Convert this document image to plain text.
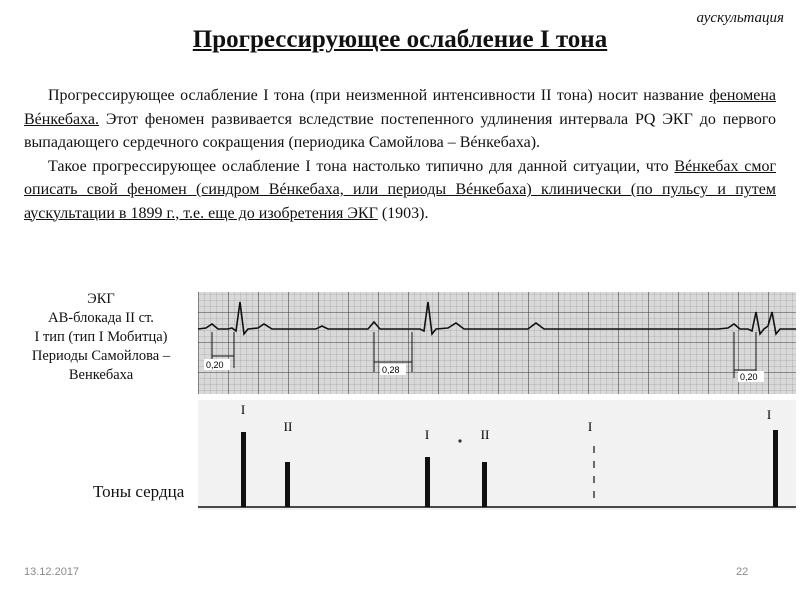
аускультация
Прогрессирующее ослабление I тона

Прогрессирующее ослабление I тона (при неизменной интенсивности II тона) носит название феномена Вéнкебаха. Этот феномен развивается вследствие постепенного удлинения интервала PQ ЭКГ до первого выпадающего сердечного сокращения (периодика Самойлова – Вéнкебаха).

Такое прогрессирующее ослабление I тона настолько типично для данной ситуации, что Вéнкебах смог описать свой феномен (синдром Вéнкебаха, или периоды Вéнкебаха) клинически (по пульсу и путем аускультации в 1899 г., т.е. еще до изобретения ЭКГ (1903).

ЭКГ
АВ-блокада II ст.
I тип (тип I Мобитца)
Периоды Самойлова –
Венкебаха
0,20	0,28
0,20
I
II
I	II
I
I
Тоны сердца
13.12.2017	22
